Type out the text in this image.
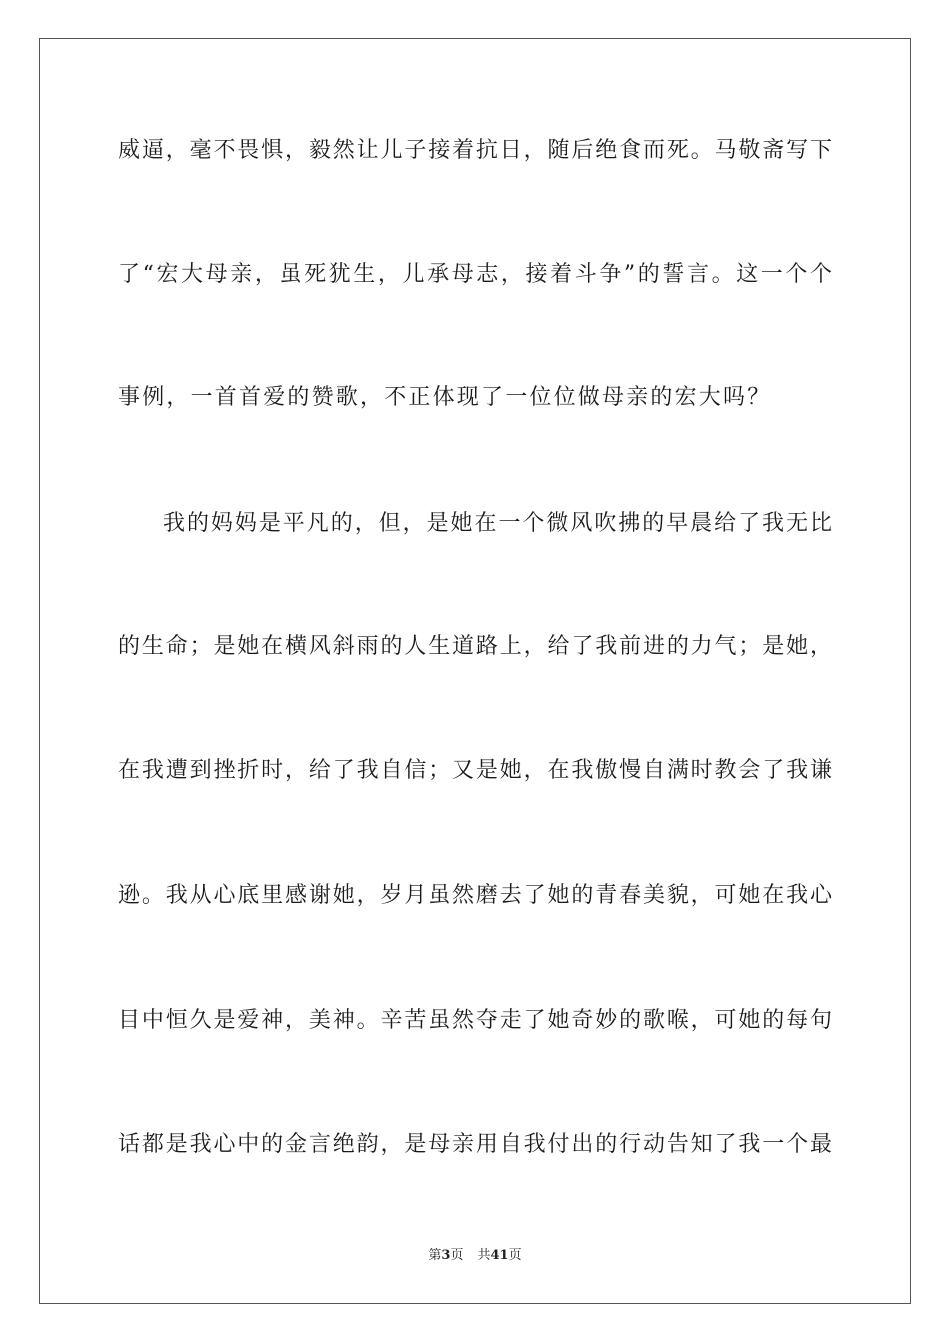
威逼，毫不畏惧，毅然让儿子接着抗日，随后绝食而死。马敬斋写下
了“宏大母亲，虽死犹生，儿承母志，接着斗争”的誓言。这一个个
事例，一首首爱的赞歌，不正体现了一位位做母亲的宏大吗？
我的妈妈是平凡的，但，是她在一个微风吹拂的早晨给了我无比
的生命；是她在横风斜雨的人生道路上，给了我前进的力气；是她，
在我遭到挫折时，给了我自信；又是她，在我傲慢自满时教会了我谦
逊。我从心底里感谢她，岁月虽然磨去了她的青春美貌，可她在我心
目中恒久是爱神，美神。辛苦虽然夺走了她奇妙的歌喉，可她的每句
话都是我心中的金言绝韵，是母亲用自我付出的行动告知了我一个最
第3页 共41页
